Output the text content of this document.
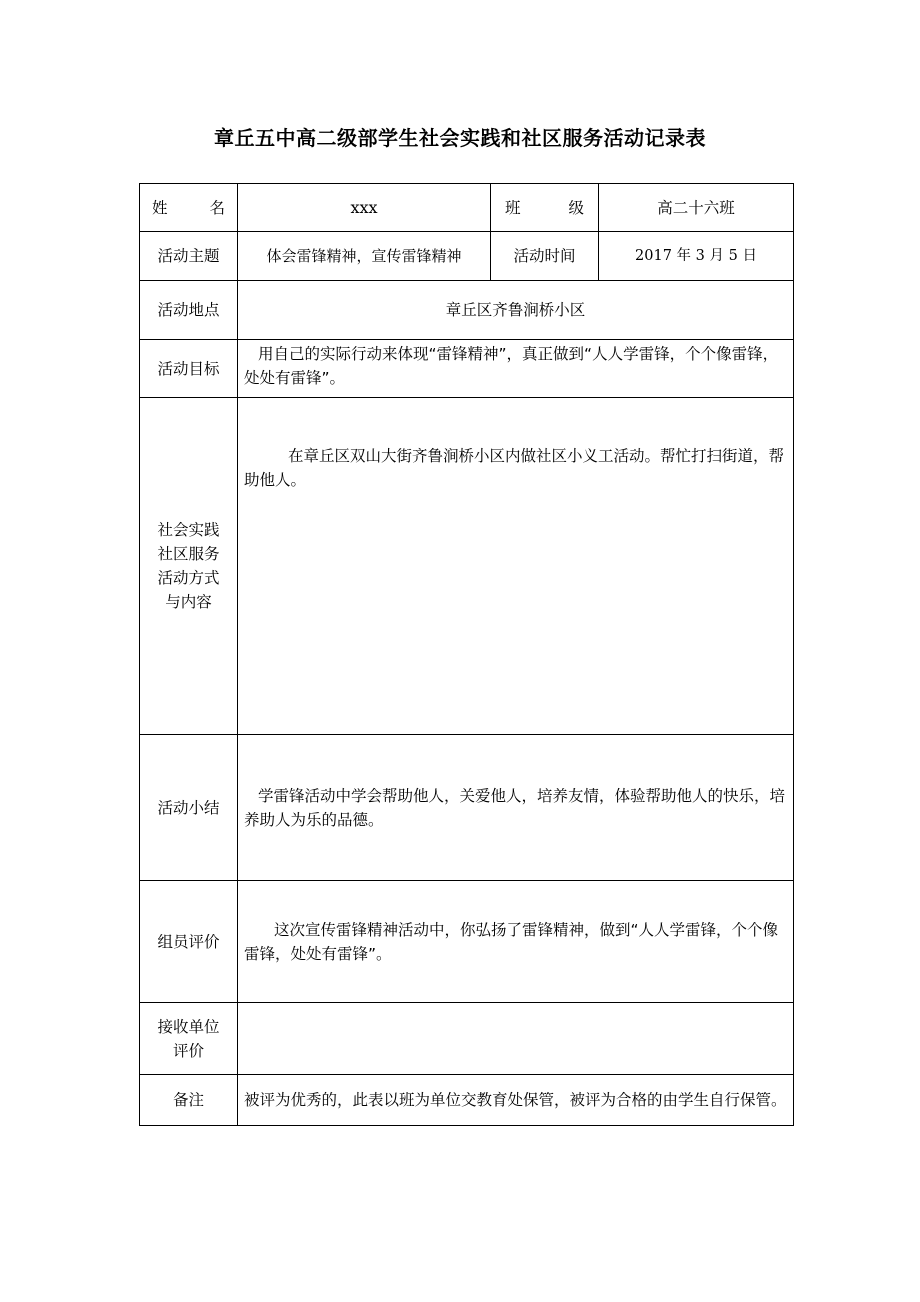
章丘五中高二级部学生社会实践和社区服务活动记录表
姓 名	xxx	班 级	高二十六班
活动主题	体会雷锋精神，宣传雷锋精神	活动时间	2017 年 3 月 5 日
活动地点	章丘区齐鲁涧桥小区		
活动目标	用自己的实际行动来体现“雷锋精神”，真正做到“人人学雷锋，个个像雷锋，处处有雷锋”。		

社会实践
社区服务
活动方式
与内容	在章丘区双山大街齐鲁涧桥小区内做社区小义工活动。帮忙打扫街道，帮助他人。		

活动小结	学雷锋活动中学会帮助他人，关爱他人，培养友情，体验帮助他人的快乐，培养助人为乐的品德。		

组员评价	这次宣传雷锋精神活动中，你弘扬了雷锋精神，做到“人人学雷锋，个个像雷锋，处处有雷锋”。		

接收单位
评价			

备注	被评为优秀的，此表以班为单位交教育处保管，被评为合格的由学生自行保管。		
